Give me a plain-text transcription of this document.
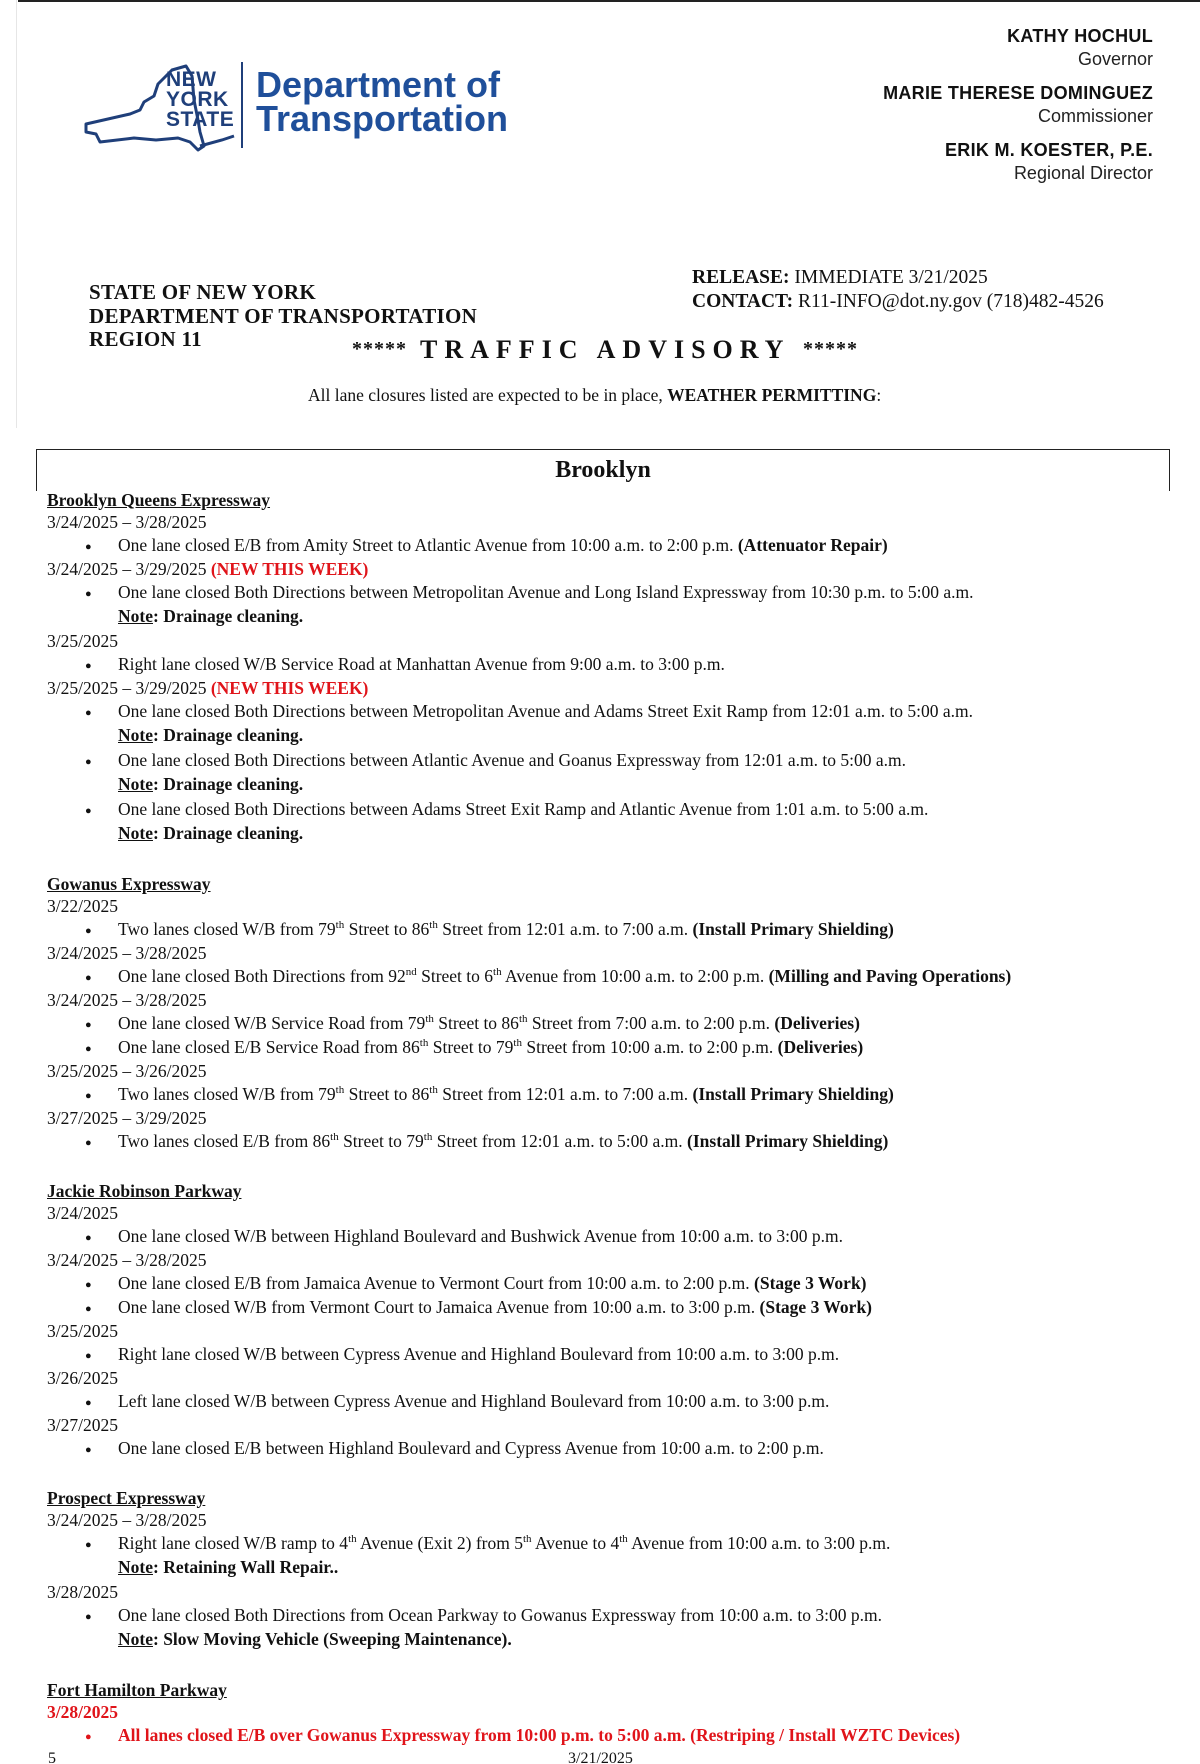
NEW
YORK
STATE
Department of
Transportation
KATHY HOCHUL
Governor
MARIE THERESE DOMINGUEZ
Commissioner
ERIK M. KOESTER, P.E.
Regional Director
STATE OF NEW YORK
DEPARTMENT OF TRANSPORTATION
REGION 11
RELEASE: IMMEDIATE 3/21/2025
CONTACT: R11-INFO@dot.ny.gov (718)482-4526
***** TRAFFIC ADVISORY *****
All lane closures listed are expected to be in place, WEATHER PERMITTING:
Brooklyn
Brooklyn Queens Expressway
3/24/2025 – 3/28/2025
● One lane closed E/B from Amity Street to Atlantic Avenue from 10:00 a.m. to 2:00 p.m. (Attenuator Repair)
3/24/2025 – 3/29/2025 (NEW THIS WEEK)
● One lane closed Both Directions between Metropolitan Avenue and Long Island Expressway from 10:30 p.m. to 5:00 a.m.
Note: Drainage cleaning.
3/25/2025
● Right lane closed W/B Service Road at Manhattan Avenue from 9:00 a.m. to 3:00 p.m.
3/25/2025 – 3/29/2025 (NEW THIS WEEK)
● One lane closed Both Directions between Metropolitan Avenue and Adams Street Exit Ramp from 12:01 a.m. to 5:00 a.m.
Note: Drainage cleaning.
● One lane closed Both Directions between Atlantic Avenue and Goanus Expressway from 12:01 a.m. to 5:00 a.m.
Note: Drainage cleaning.
● One lane closed Both Directions between Adams Street Exit Ramp and Atlantic Avenue from 1:01 a.m. to 5:00 a.m.
Note: Drainage cleaning.
Gowanus Expressway
3/22/2025
● Two lanes closed W/B from 79th Street to 86th Street from 12:01 a.m. to 7:00 a.m. (Install Primary Shielding)
3/24/2025 – 3/28/2025
● One lane closed Both Directions from 92nd Street to 6th Avenue from 10:00 a.m. to 2:00 p.m. (Milling and Paving Operations)
3/24/2025 – 3/28/2025
● One lane closed W/B Service Road from 79th Street to 86th Street from 7:00 a.m. to 2:00 p.m. (Deliveries)
● One lane closed E/B Service Road from 86th Street to 79th Street from 10:00 a.m. to 2:00 p.m. (Deliveries)
3/25/2025 – 3/26/2025
● Two lanes closed W/B from 79th Street to 86th Street from 12:01 a.m. to 7:00 a.m. (Install Primary Shielding)
3/27/2025 – 3/29/2025
● Two lanes closed E/B from 86th Street to 79th Street from 12:01 a.m. to 5:00 a.m. (Install Primary Shielding)
Jackie Robinson Parkway
3/24/2025
● One lane closed W/B between Highland Boulevard and Bushwick Avenue from 10:00 a.m. to 3:00 p.m.
3/24/2025 – 3/28/2025
● One lane closed E/B from Jamaica Avenue to Vermont Court from 10:00 a.m. to 2:00 p.m. (Stage 3 Work)
● One lane closed W/B from Vermont Court to Jamaica Avenue from 10:00 a.m. to 3:00 p.m. (Stage 3 Work)
3/25/2025
● Right lane closed W/B between Cypress Avenue and Highland Boulevard from 10:00 a.m. to 3:00 p.m.
3/26/2025
● Left lane closed W/B between Cypress Avenue and Highland Boulevard from 10:00 a.m. to 3:00 p.m.
3/27/2025
● One lane closed E/B between Highland Boulevard and Cypress Avenue from 10:00 a.m. to 2:00 p.m.
Prospect Expressway
3/24/2025 – 3/28/2025
● Right lane closed W/B ramp to 4th Avenue (Exit 2) from 5th Avenue to 4th Avenue from 10:00 a.m. to 3:00 p.m.
Note: Retaining Wall Repair..
3/28/2025
● One lane closed Both Directions from Ocean Parkway to Gowanus Expressway from 10:00 a.m. to 3:00 p.m.
Note: Slow Moving Vehicle (Sweeping Maintenance).
Fort Hamilton Parkway
3/28/2025
● All lanes closed E/B over Gowanus Expressway from 10:00 p.m. to 5:00 a.m. (Restriping / Install WZTC Devices)
5	3/21/2025
